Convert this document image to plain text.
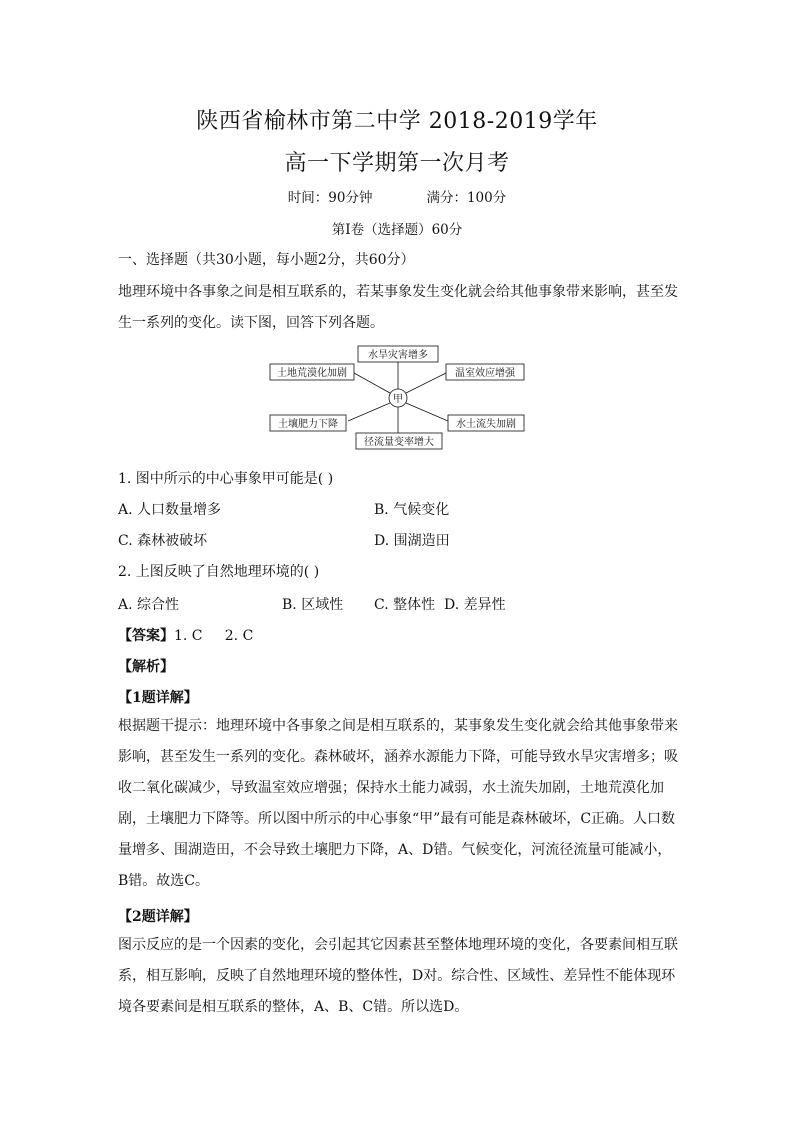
陕西省榆林市第二中学 2018-2019学年
高一下学期第一次月考
时间：90分钟	满分：100分
第Ⅰ卷（选择题）60分
一、选择题（共30小题，每小题2分，共60分）
地理环境中各事象之间是相互联系的，若某事象发生变化就会给其他事象带来影响，甚至发生一系列的变化。读下图，回答下列各题。
甲
水旱灾害增多
土地荒漠化加剧	温室效应增强
土壤肥力下降	水土流失加剧
径流量变率增大
1. 图中所示的中心事象甲可能是( )
A. 人口数量增多	B. 气候变化
C. 森林被破坏	D. 围湖造田
2. 上图反映了自然地理环境的( )
A. 综合性	B. 区域性 C. 整体性 D. 差异性
【答案】1. C     2. C
【解析】
【1题详解】
根据题干提示：地理环境中各事象之间是相互联系的，某事象发生变化就会给其他事象带来影响，甚至发生一系列的变化。森林破坏，涵养水源能力下降，可能导致水旱灾害增多；吸收二氧化碳减少，导致温室效应增强；保持水土能力减弱，水土流失加剧，土地荒漠化加剧，土壤肥力下降等。所以图中所示的中心事象“甲”最有可能是森林破坏，C正确。人口数量增多、围湖造田，不会导致土壤肥力下降，A、D错。气候变化，河流径流量可能减小，B错。故选C。
【2题详解】
图示反应的是一个因素的变化，会引起其它因素甚至整体地理环境的变化，各要素间相互联系，相互影响，反映了自然地理环境的整体性，D对。综合性、区域性、差异性不能体现环境各要素间是相互联系的整体，A、B、C错。所以选D。
